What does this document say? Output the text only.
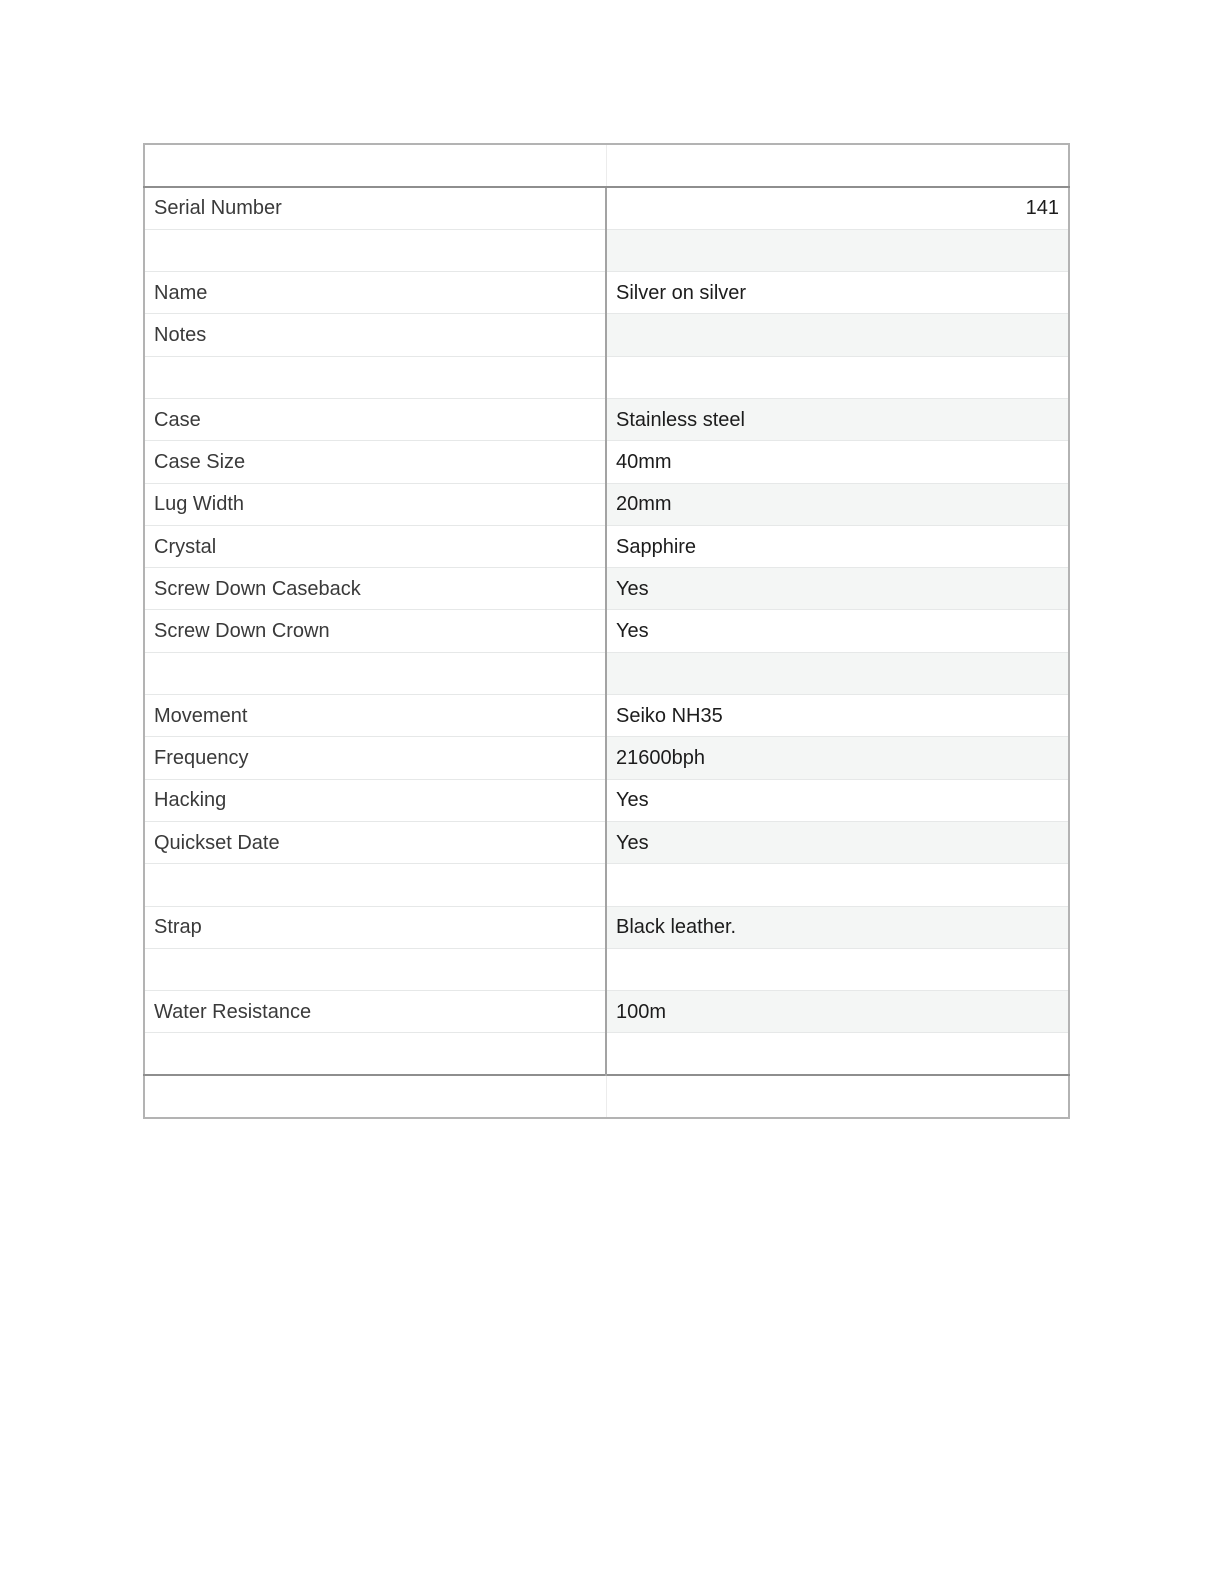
Serial Number	141

Name	Silver on silver
Notes	

Case	Stainless steel
Case Size	40mm
Lug Width	20mm
Crystal	Sapphire
Screw Down Caseback	Yes
Screw Down Crown	Yes

Movement	Seiko NH35
Frequency	21600bph
Hacking	Yes
Quickset Date	Yes

Strap	Black leather.

Water Resistance	100m
